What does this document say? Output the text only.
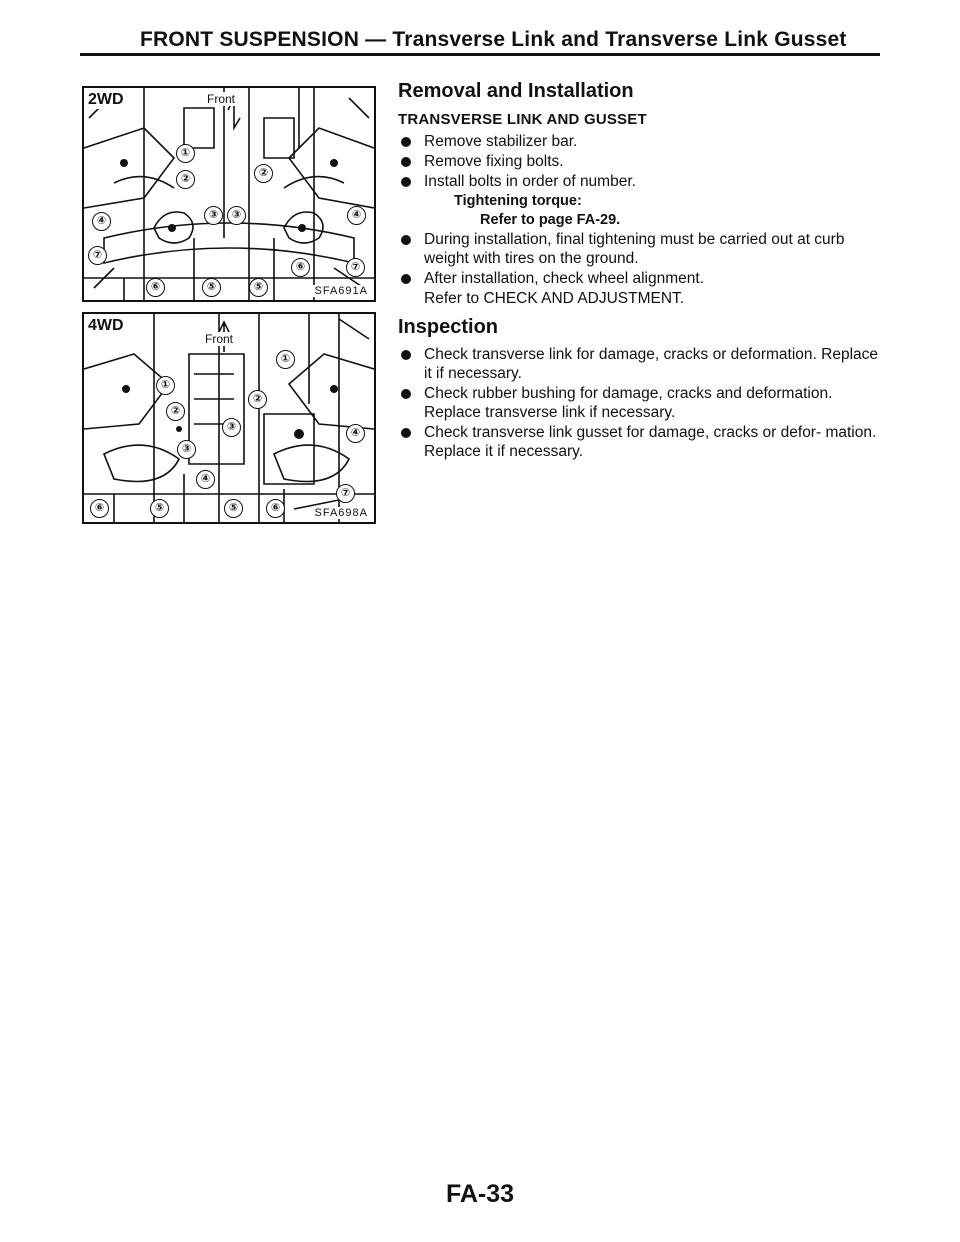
FRONT SUSPENSION — Transverse Link and Transverse Link Gusset
2WD	Front
SFA691A
①
②	②
③	③
④	④
⑤	⑤
⑥
⑥
⑦
⑦
4WD
Front
SFA698A
①
①
②
②
③
③
④
④
⑤	⑤
⑥	⑥
⑦
Removal and Installation
TRANSVERSE LINK AND GUSSET
Remove stabilizer bar.
Remove fixing bolts.
Install bolts in order of number.
Tightening torque:
Refer to page FA-29.
During installation, final tightening must be carried out at curb weight with tires on the ground.
After installation, check wheel alignment.
Refer to CHECK AND ADJUSTMENT.
Inspection
Check transverse link for damage, cracks or deformation. Replace it if necessary.
Check rubber bushing for damage, cracks and deformation. Replace transverse link if necessary.
Check transverse link gusset for damage, cracks or defor- mation. Replace it if necessary.
FA-33
